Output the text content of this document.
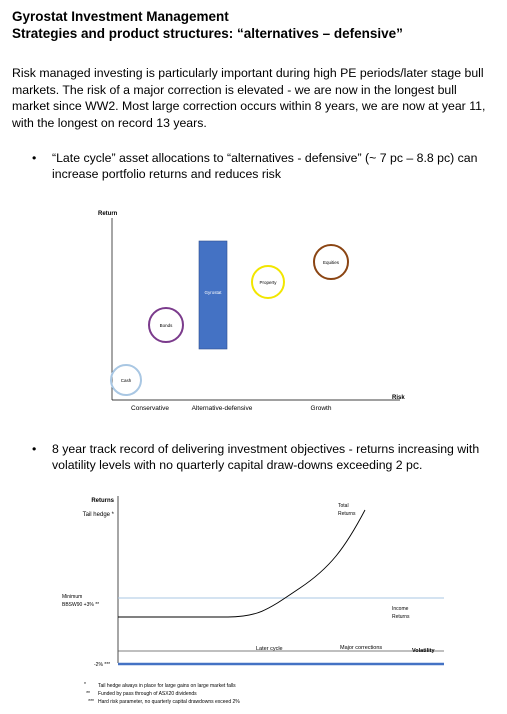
Gyrostat Investment Management
Strategies and product structures: “alternatives – defensive”
Risk managed investing is particularly important during high PE periods/later stage bull markets. The risk of a major correction is elevated - we are now in the longest bull market since WW2. Most large correction occurs within 8 years, we are now at year 11, with the longest on record 13 years.
• “Late cycle” asset allocations to “alternatives - defensive” (~ 7 pc – 8.8 pc) can increase portfolio returns and reduces risk
Return
Risk
Conservative	Alternative-defensive	Growth
Cash
Bonds
Gyrostat
Property
Equities
• 8 year track record of delivering investment objectives - returns increasing with volatility levels with no quarterly capital draw-downs exceeding 2 pc.
Returns
Tail hedge *
Minimum
BBSW90 +3% **
Total
Returns
Income
Returns
Later cycle	Major corrections	Volatility
-2% ***
* Tail hedge always in place for large gains on large market falls
** Funded by pass through of ASX20 dividends
*** Hard risk parameter, no quarterly capital drawdowns exceed 2%
